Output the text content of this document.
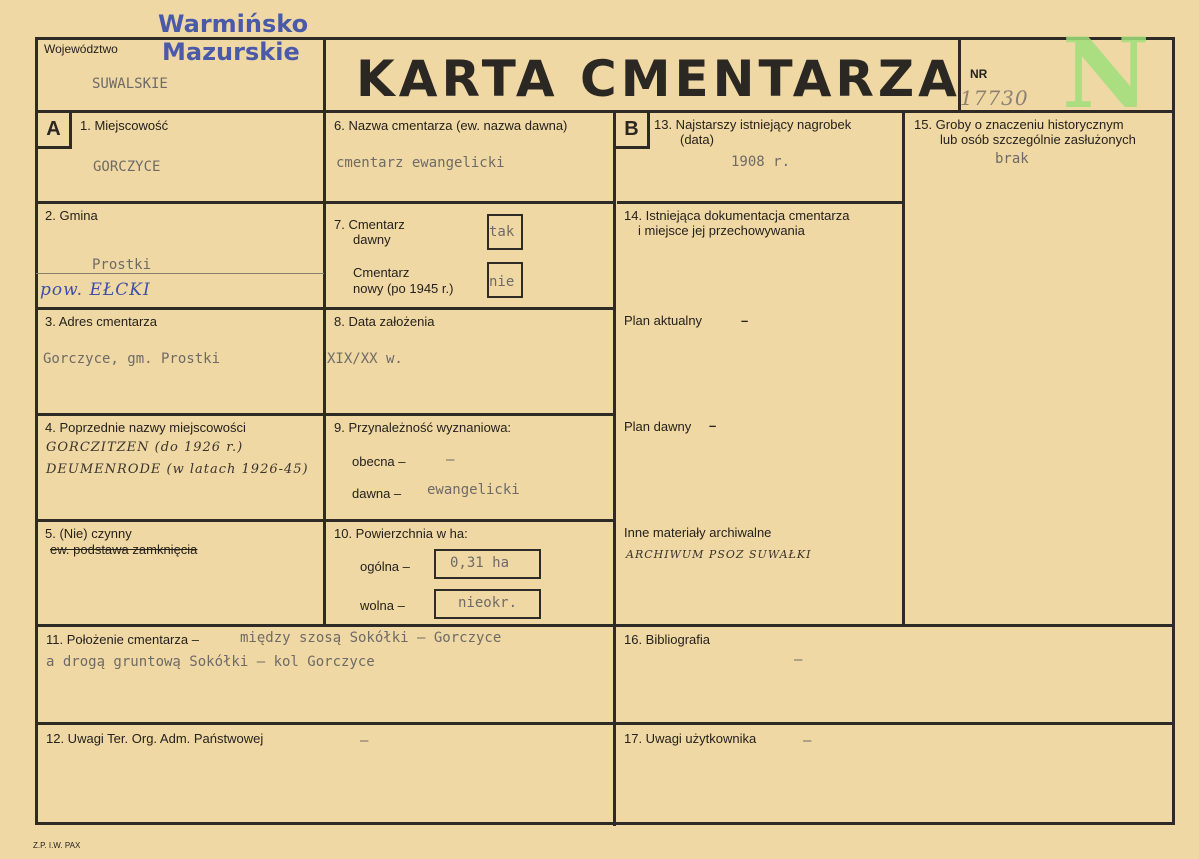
Warmińsko
Mazurskie
Województwo
SUWALSKIE	KARTA CMENTARZA NR
17730 N
A	B
1. Miejscowość
GORCZYCE
2. Gmina
Prostki
pow. EŁCKI
3. Adres cmentarza
Gorczyce, gm. Prostki
4. Poprzednie nazwy miejscowości
GORCZITZEN (do 1926 r.)
DEUMENRODE (w latach 1926-45)
5. (Nie) czynny
ew. podstawa zamknięcia
6. Nazwa cmentarza (ew. nazwa dawna)
cmentarz ewangelicki
7. Cmentarz
dawny	tak
Cmentarz
nowy (po 1945 r.)	nie
8. Data założenia
XIX/XX w.
9. Przynależność wyznaniowa:
obecna –	–
dawna – ewangelicki
10. Powierzchnia w ha:
ogólna –	0,31 ha
wolna –	nieokr.
13. Najstarszy istniejący nagrobek
(data)
1908 r.
14. Istniejąca dokumentacja cmentarza
i miejsce jej przechowywania
Plan aktualny	–
Plan dawny –
Inne materiały archiwalne
ARCHIWUM PSOZ SUWAŁKI
15. Groby o znaczeniu historycznym
lub osób szczególnie zasłużonych
brak
11. Położenie cmentarza –	między szosą Sokółki – Gorczyce
a drogą gruntową Sokółki – kol Gorczyce
12. Uwagi Ter. Org. Adm. Państwowej	–
16. Bibliografia
–
17. Uwagi użytkownika	–
Z.P. I.W. PAX
